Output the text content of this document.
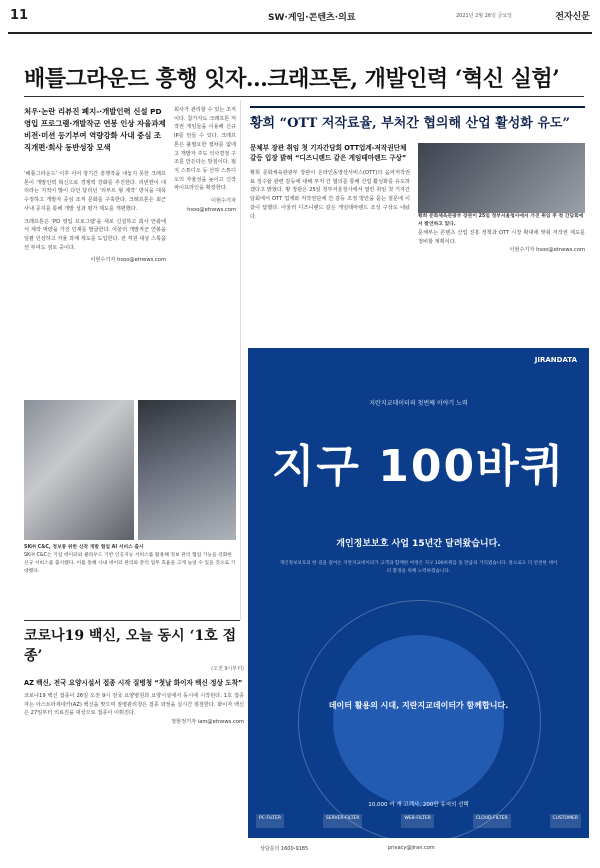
11	SW·게임·콘텐츠·의료	2021년 2월 26일 금요일	전자신문
배틀그라운드 흥행 잇자…크래프톤, 개발인력 ‘혁신 실험’
처우·논란 리뷰진 폐지-·개발인력 신설 PD 영입 프로그램·개발작군 연봉 인상 자율과제 비전·미션 등기부여 역량강화 사내 중심 조직개편·회사 동반성장 모색

‘배틀그라운드’ 이후 이어 장기간 흥행작을 내놓지 못한 크래프톤이 개발인력 혁신으로 경쟁력 강화를 추진한다. 리빈캔이 대리라는 지적이 많이 다던 달리던 ‘리부트 형 제작’ 방식을 대폭 수정하고 개발자 중심 조직 문화를 구축한다. 크래프톤은 최근 사내 공지를 통해 개발 성과 평가 제도를 개편했다.

크래프톤은 ‘PD 영입 프로그램’을 새로 신설하고 회사 안팎에서 제작 역량을 가진 인재를 발굴한다. 아울러 개발직군 연봉을 일괄 인상하고 자율 과제 제도를 도입한다. 전 직원 대상 스톡옵션 부여도 검토 중이다.

이현수기자 hsoo@etnews.com

회사가 관리할 수 있는 조직이다. 참가자도 크래프톤 저작권 게임들을 이용해 신규 IP를 만들 수 있다. 크래프톤은 불필요한 절차를 없애고 개발자 주도 의사결정 구조를 만든다는 방침이다. 펍지 스튜디오 등 산하 스튜디오의 자율성을 높이고 신작 파이프라인을 확장한다.

이현수기자 hsoo@etnews.com
SK㈜ C&C, 정보통 위한 신작 개발 협업 AI 서비스 출시
SK㈜ C&C는 기업 데이터와 클라우드 기반 인공지능 서비스를 활용해 정보 관리 협업 기능을 강화한 신규 서비스를 출시했다. 이를 통해 사내 데이터 관리와 분석 업무 효율을 크게 높일 수 있을 것으로 기대했다.
황희 “OTT 저작료율, 부처간 협의해 산업 활성화 유도”
문체부 장관 취임 첫 기자간담회 OTT업계-저작권단체 갈등 입장 밝혀 “디즈니랜드 같은 게임테마랜드 구상”
황희 문화체육관광부 장관이 온라인동영상서비스(OTT)의 음악저작권료 징수율 관련 갈등에 대해 부처 간 협의를 통해 산업 활성화를 유도하겠다고 밝혔다. 황 장관은 25일 정부서울청사에서 열린 취임 첫 기자간담회에서 OTT 업계와 저작권단체 간 갈등 조정 방안을 묻는 질문에 이같이 답했다. 아울러 디즈니랜드 같은 게임테마랜드 조성 구상도 내놨다.	황희 문화체육관광부 장관이 25일 정부서울청사에서 가진 취임 후 첫 간담회에서 발언하고 있다.
문체부는 콘텐츠 산업 진흥 정책과 OTT 시장 확대에 맞춰 저작권 제도를 정비할 계획이다.
이현수기자 hsoo@etnews.com
JIRANDATA
지란지교데이터의 첫번째 이야기 노력
지구 100바퀴
개인정보보호 사업 15년간 달려왔습니다.
개인정보보호의 한 길을 걸어온 지란지교데이터가 고객과 함께한 여정은 지구 100바퀴를 돌 만큼의 거리였습니다. 앞으로도 더 안전한 데이터 환경을 위해 노력하겠습니다.
데이터 활용의 시대, 지란지교데이터가 함께합니다.
10,000 여 개 고객사, 200만 유저의 선택
PC-FILTER	SERVER-FILTER	WEB-FILTER	CLOUD-FILTER	CUSTOMER
상담문의 1600-9185	privacy@jiran.com
코로나19 백신, 오늘 동시 ‘1호 접종’
(오전 9시부터)
AZ 백신, 전국 요양시설서 접종 시작 질병청 “첫날 화이자 백신 정상 도착”
코로나19 백신 접종이 26일 오전 9시 전국 요양병원과 요양시설에서 동시에 시작된다. 1호 접종자는 아스트라제네카(AZ) 백신을 맞으며 질병관리청은 접종 과정을 실시간 점검한다. 화이자 백신은 27일부터 의료진을 대상으로 접종이 이뤄진다.
정현정기자 iam@etnews.com
